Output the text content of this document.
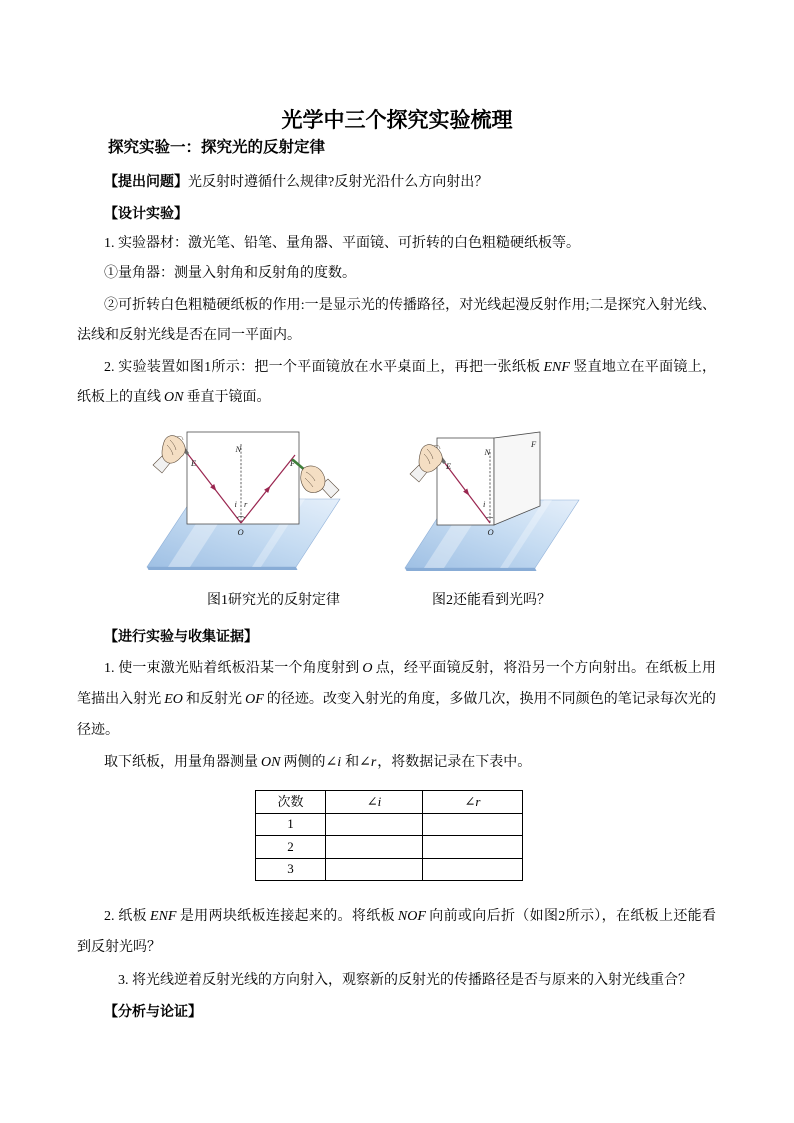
光学中三个探究实验梳理
探究实验一：探究光的反射定律
【提出问题】光反射时遵循什么规律?反射光沿什么方向射出？
【设计实验】
1. 实验器材：激光笔、铅笔、量角器、平面镜、可折转的白色粗糙硬纸板等。
①量角器：测量入射角和反射角的度数。
②可折转白色粗糙硬纸板的作用:一是显示光的传播路径，对光线起漫反射作用;二是探究入射光线、
法线和反射光线是否在同一平面内。
2. 实验装置如图1所示：把一个平面镜放在水平桌面上，再把一张纸板 ENF 竖直地立在平面镜上，
纸板上的直线 ON 垂直于镜面。
N
E	F
i r
O
N
E
F
i
O
图1研究光的反射定律	图2还能看到光吗？
【进行实验与收集证据】
1. 使一束激光贴着纸板沿某一个角度射到 O 点，经平面镜反射，将沿另一个方向射出。在纸板上用
笔描出入射光 EO 和反射光 OF 的径迹。改变入射光的角度，多做几次，换用不同颜色的笔记录每次光的
径迹。
取下纸板，用量角器测量 ON 两侧的∠i 和∠r，将数据记录在下表中。
次数	∠i	∠r
1		
2		
3		
2. 纸板 ENF 是用两块纸板连接起来的。将纸板 NOF 向前或向后折（如图2所示），在纸板上还能看
到反射光吗？
3. 将光线逆着反射光线的方向射入，观察新的反射光的传播路径是否与原来的入射光线重合？
【分析与论证】
